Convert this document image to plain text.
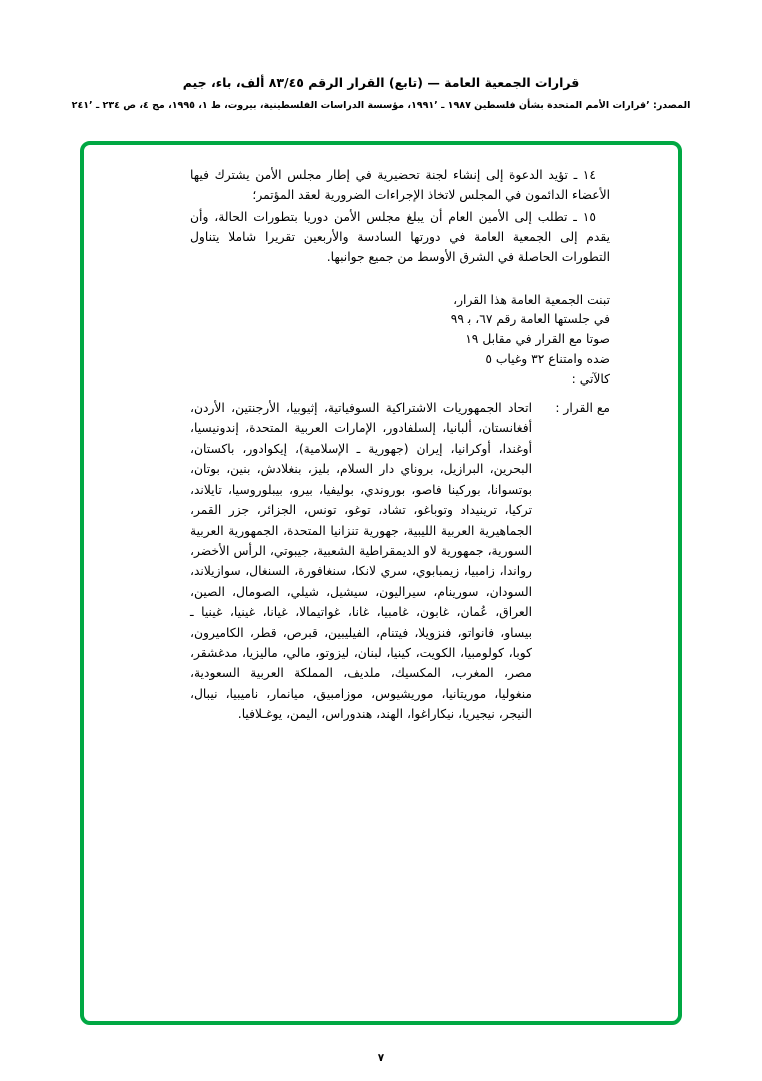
قرارات الجمعية العامة — (تابع) القرار الرقم ٨٣/٤٥ ألف، باء، جيم
المصدر: ٬قرارات الأمم المتحدة بشأن فلسطين ١٩٨٧ ـ ١٩٩١٬، مؤسسة الدراسات الفلسطينية، بيروت، ط ١، ١٩٩٥، مج ٤، ص ٢٣٤ ـ ٢٤١٬

١٤ ـ تؤيد الدعوة إلى إنشاء لجنة تحضيرية في إطار مجلس الأمن يشترك فيها الأعضاء الدائمون في المجلس لاتخاذ الإجراءات الضرورية لعقد المؤتمر؛

١٥ ـ تطلب إلى الأمين العام أن يبلغ مجلس الأمن دوريا بتطورات الحالة، وأن يقدم إلى الجمعية العامة في دورتها السادسة والأربعين تقريرا شاملا يتناول التطورات الحاصلة في الشرق الأوسط من جميع جوانبها.

تبنت الجمعية العامة هذا القرار،
في جلستها العامة رقم ٦٧، ﺑ ٩٩
صوتا مع القرار في مقابل ١٩
ضده وامتناع ٣٢ وغياب ٥
كالآتي :
مع القرار :
اتحاد الجمهوريات الاشتراكية السوفياتية، إثيوبيا، الأرجنتين، الأردن، أفغانستان، ألبانيا، إلسلفادور، الإمارات العربية المتحدة، إندونيسيا، أوغندا، أوكرانيا، إيران (جهورية ـ الإسلامية)، إيكوادور، باكستان، البحرين، البرازيل، بروناي دار السلام، بليز، بنغلادش، بنين، بوتان، بوتسوانا، بوركينا فاصو، بوروندي، بوليفيا، بيرو، بيبلوروسيا، تايلاند، تركيا، ترينيداد وتوباغو، تشاد، توغو، تونس، الجزائر، جزر القمر، الجماهيرية العربية الليبية، جهورية تنزانيا المتحدة، الجمهورية العربية السورية، جمهورية لاو الديمقراطية الشعبية، جيبوتي، الرأس الأخضر، رواندا، زامبيا، زيمبابوي، سري لانكا، سنغافورة، السنغال، سوازيلاند، السودان، سورينام، سيراليون، سيشيل، شيلي، الصومال، الصين، العراق، عُمان، غابون، غامبيا، غانا، غواتيمالا، غيانا، غينيا، غينيا ـ بيساو، فانواتو، فنزويلا، فيتنام، الفيليبين، قبرص، قطر، الكاميرون، كوبا، كولومبيا، الكويت، كينيا، لبنان، ليزوتو، مالي، ماليزيا، مدغشقر، مصر، المغرب، المكسيك، ملديف، المملكة العربية السعودية، منغوليا، موريتانيا، موريشيوس، موزامبيق، ميانمار، ناميبيا، نيبال، النيجر، نيجيريا، نيكاراغوا، الهند، هندوراس، اليمن، يوغـلافيا.
٧
